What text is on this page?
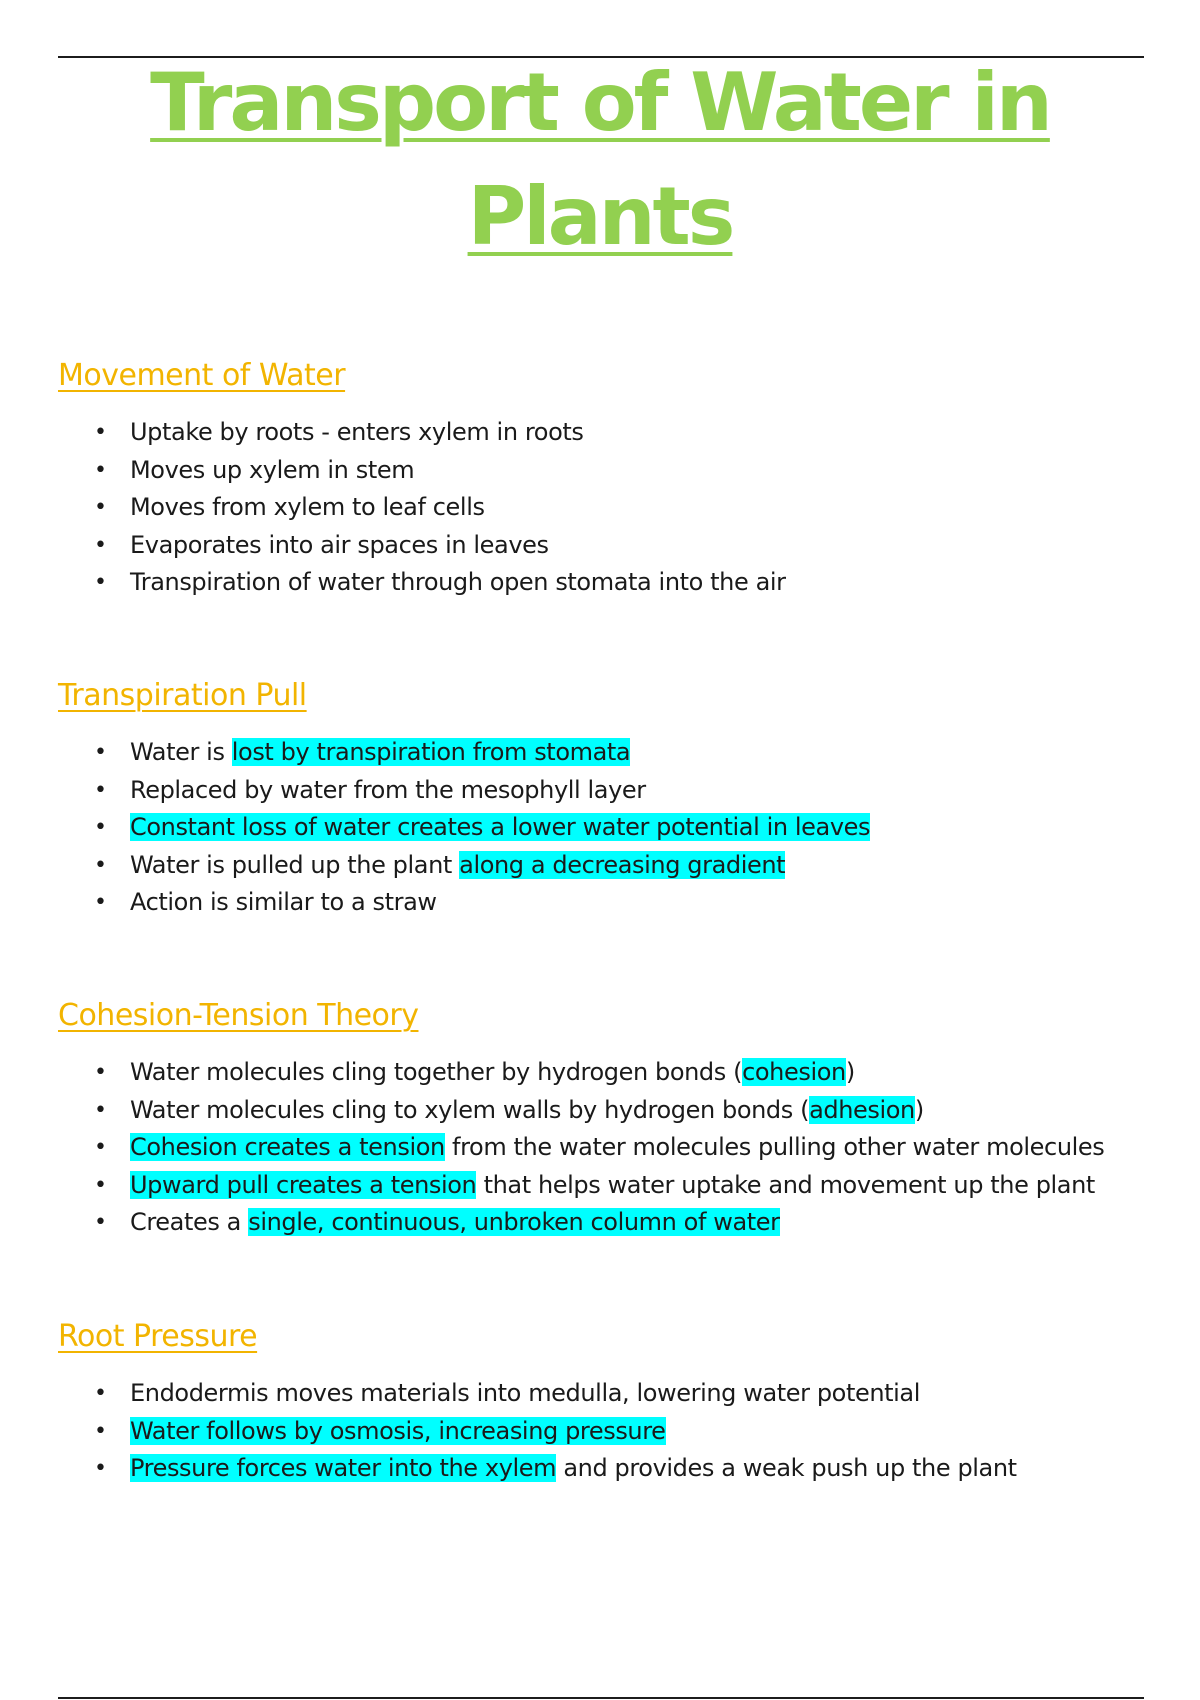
Transport of Water in
Plants
Movement of Water
• Uptake by roots - enters xylem in roots
• Moves up xylem in stem
• Moves from xylem to leaf cells
• Evaporates into air spaces in leaves
• Transpiration of water through open stomata into the air
Transpiration Pull
• Water is lost by transpiration from stomata
• Replaced by water from the mesophyll layer
• Constant loss of water creates a lower water potential in leaves
• Water is pulled up the plant along a decreasing gradient
• Action is similar to a straw
Cohesion-Tension Theory
• Water molecules cling together by hydrogen bonds (cohesion)
• Water molecules cling to xylem walls by hydrogen bonds (adhesion)
• Cohesion creates a tension from the water molecules pulling other water molecules
• Upward pull creates a tension that helps water uptake and movement up the plant
• Creates a single, continuous, unbroken column of water
Root Pressure
• Endodermis moves materials into medulla, lowering water potential
• Water follows by osmosis, increasing pressure
• Pressure forces water into the xylem and provides a weak push up the plant
